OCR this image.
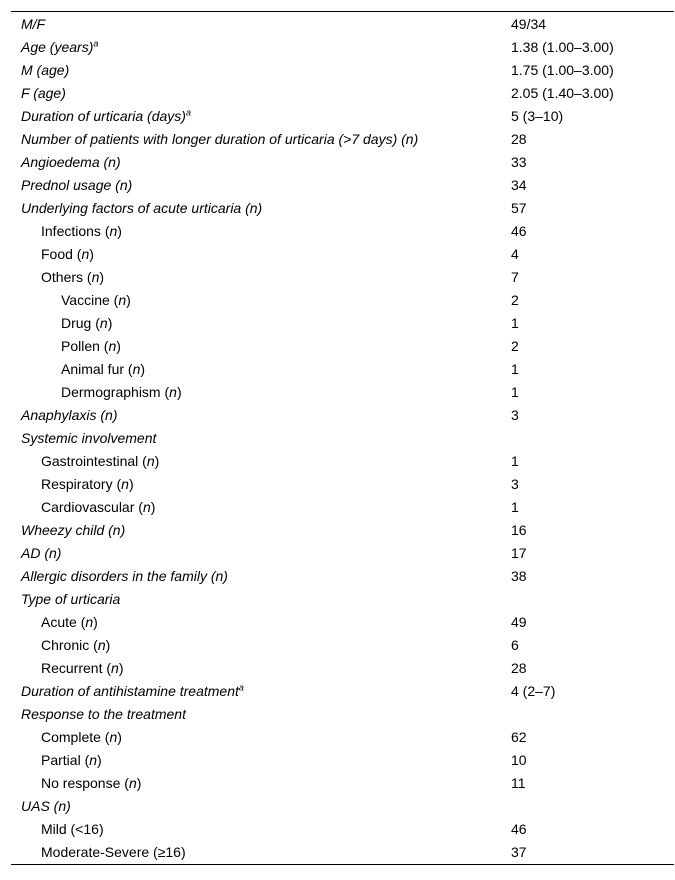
M/F	49/34
Age (years)$^a$	1.38 (1.00–3.00)
M (age)	1.75 (1.00–3.00)
F (age)	2.05 (1.40–3.00)
Duration of urticaria (days)$^a$	5 (3–10)
Number of patients with longer duration of urticaria (>7 days) (n)	28
Angioedema (n)	33
Prednol usage (n)	34
Underlying factors of acute urticaria (n)	57
Infections (n)	46
Food (n)	4
Others (n)	7
Vaccine (n)	2
Drug (n)	1
Pollen (n)	2
Animal fur (n)	1
Dermographism (n)	1
Anaphylaxis (n)	3
Systemic involvement	
Gastrointestinal (n)	1
Respiratory (n)	3
Cardiovascular (n)	1
Wheezy child (n)	16
AD (n)	17
Allergic disorders in the family (n)	38
Type of urticaria	
Acute (n)	49
Chronic (n)	6
Recurrent (n)	28
Duration of antihistamine treatment$^a$	4 (2–7)
Response to the treatment	
Complete (n)	62
Partial (n)	10
No response (n)	11
UAS (n)	
Mild (<16)	46
Moderate-Severe (≥16)	37
